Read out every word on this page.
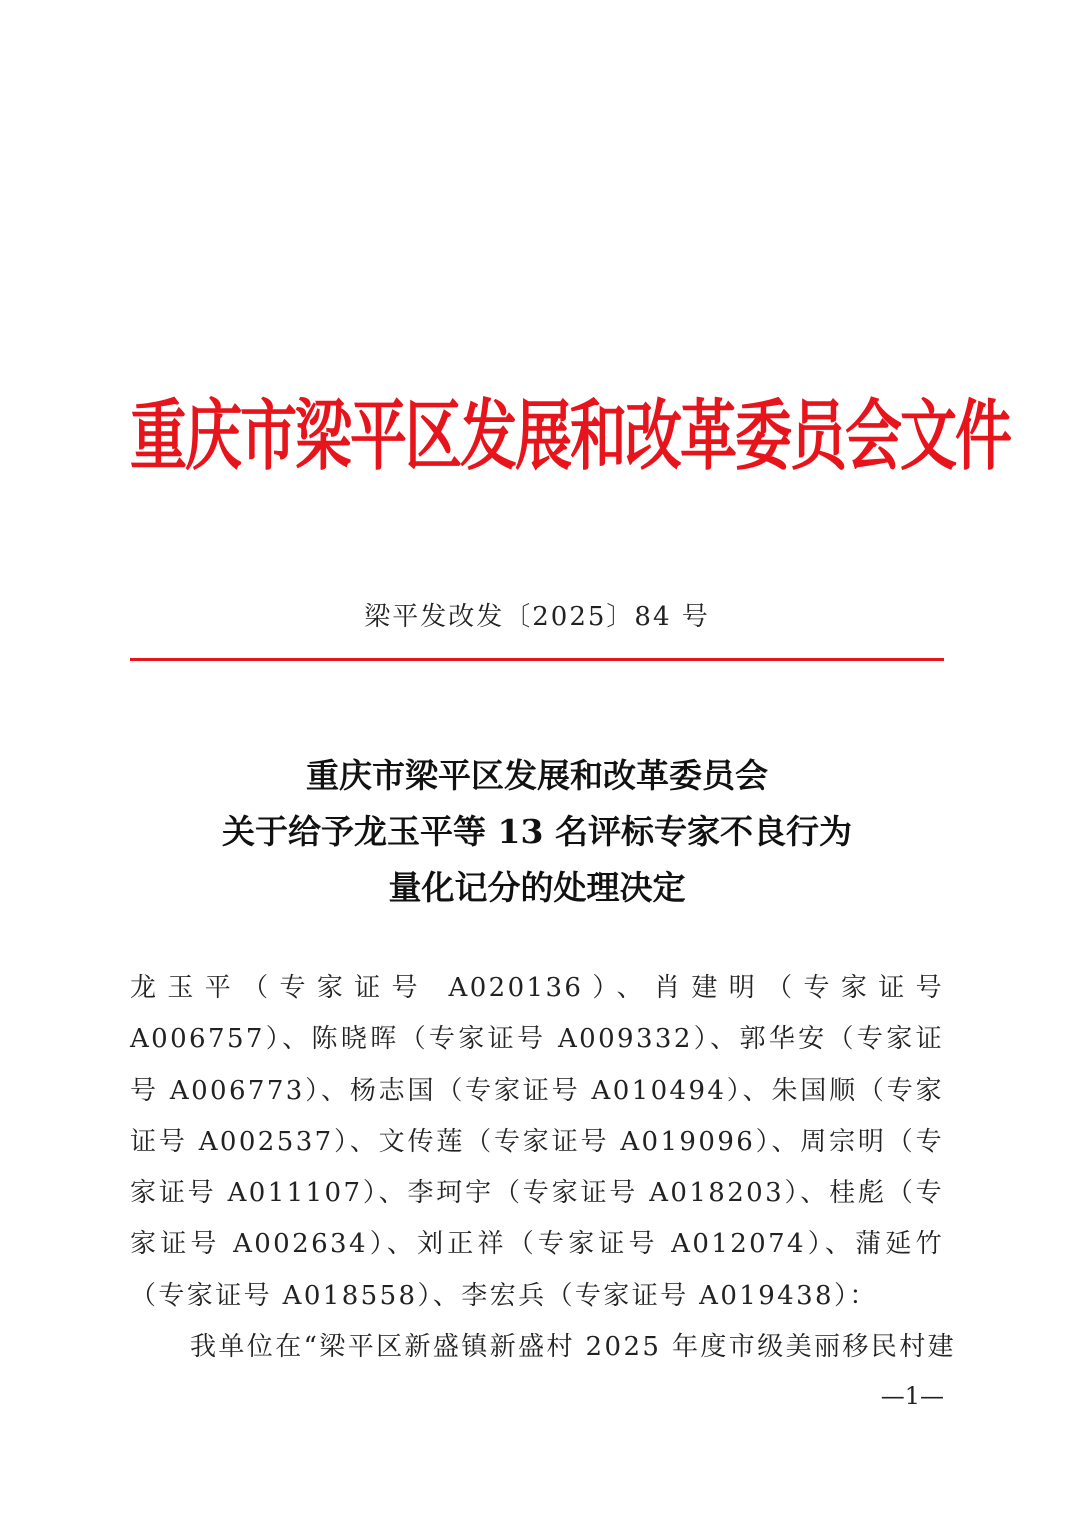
重庆市梁平区发展和改革委员会文件
梁平发改发〔2025〕84 号
重庆市梁平区发展和改革委员会
关于给予龙玉平等 13 名评标专家不良行为
量化记分的处理决定
龙玉平（专家证号 A020136）、肖建明（专家证号 A006757）、陈晓晖（专家证号 A009332）、郭华安（专家证号 A006773）、杨志国（专家证号 A010494）、朱国顺（专家证号 A002537）、文传莲（专家证号 A019096）、周宗明（专家证号 A011107）、李珂宇（专家证号 A018203）、桂彪（专家证号 A002634）、刘正祥（专家证号 A012074）、蒲延竹（专家证号 A018558）、李宏兵（专家证号 A019438）：
我单位在“梁平区新盛镇新盛村 2025 年度市级美丽移民村建
—1—
